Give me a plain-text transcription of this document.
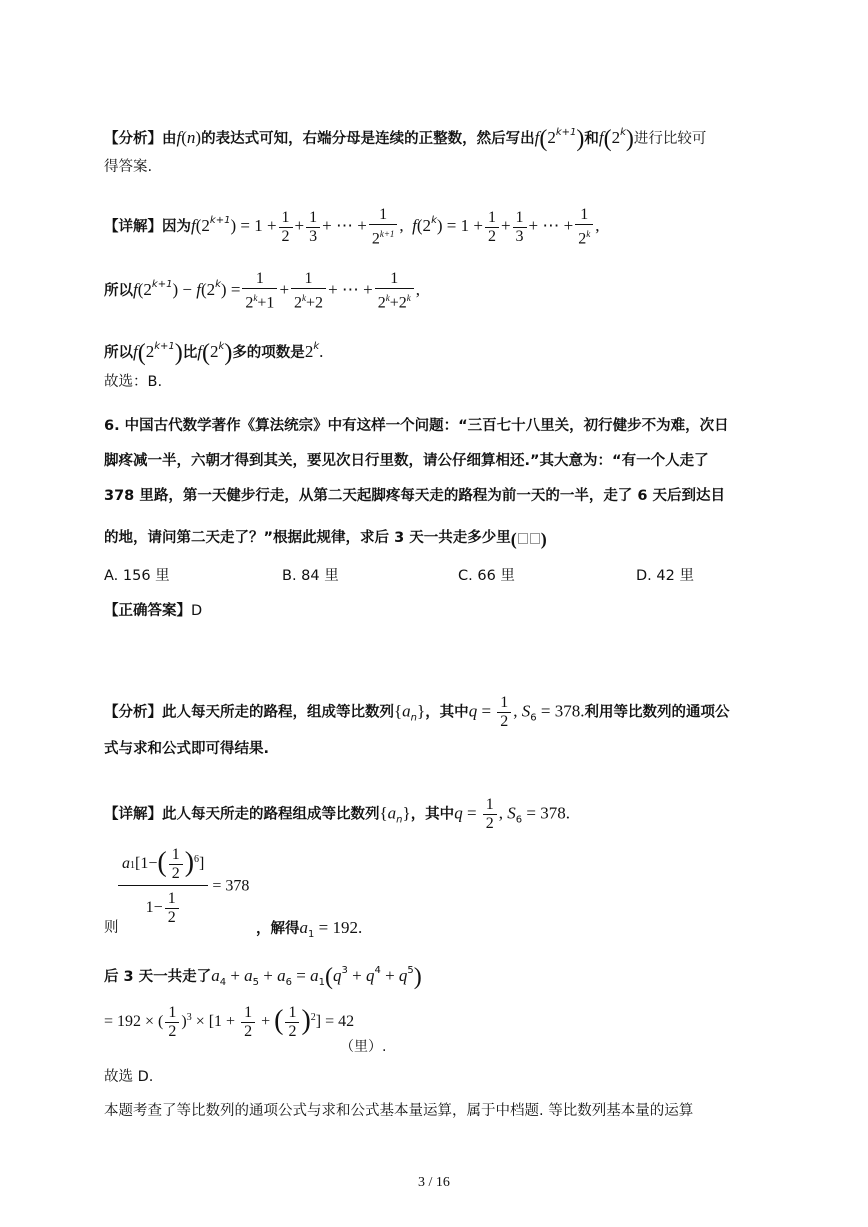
【分析】由f(n)的表达式可知，右端分母是连续的正整数，然后写出$f(2^{k+1})$和f(2$^k$)进行比较可
得答案.
【详解】因为$f(2^{k+1}) = 1 + \frac{1}{2} + \frac{1}{3}$ + ⋯ + $\frac{1}{2^{k+1}}$ ,  $f(2^k) = 1 + \frac{1}{2} + \frac{1}{3}$ + ⋯ + $\frac{1}{2^k}$ ,
所以$f(2^{k+1}) - f(2^k) = \frac{1}{2^k+1} + \frac{1}{2^k+2}$ + ⋯ + $\frac{1}{2^k+2^k}$ ,
所以$f(2^{k+1})$比f(2$^k$)多的项数是2$^k$.
故选：B.
6. 中国古代数学著作《算法统宗》中有这样一个问题：“三百七十八里关，初行健步不为难，次日
脚疼减一半，六朝才得到其关，要见次日行里数，请公仔细算相还.”其大意为：“有一个人走了
378 里路，第一天健步行走，从第二天起脚疼每天走的路程为前一天的一半，走了 6 天后到达目
的地，请问第二天走了？”根据此规律，求后 3 天一共走多少里( )
A. 156 里	B. 84 里	C. 66 里	D. 42 里
【正确答案】D
【分析】此人每天所走的路程，组成等比数列$\{a_n\}$，其中$q = \frac{1}{2}$ , $S_6 = 378$.利用等比数列的通项公
式与求和公式即可得结果.
【详解】此人每天所走的路程组成等比数列$\{a_n\}$，其中$q = \frac{1}{2}$ , $S_6 = 378$.
$\frac{a1[1-( \frac{1}{2} )^6]}{1- \frac{1}{2}} = 378$
则	，解得$a_1 = 192$.
后 3 天一共走了$a_4 + a_5 + a_6 = a_1(q^3 + q^4 + q^5)$
= 192 × ( $\frac{1}{2} )^3 \times [1 + \frac{1}{2}$ + ( $\frac{1}{2} )^2] = 42$
（里）.
故选 D.
本题考查了等比数列的通项公式与求和公式基本量运算，属于中档题. 等比数列基本量的运算
3 / 16
